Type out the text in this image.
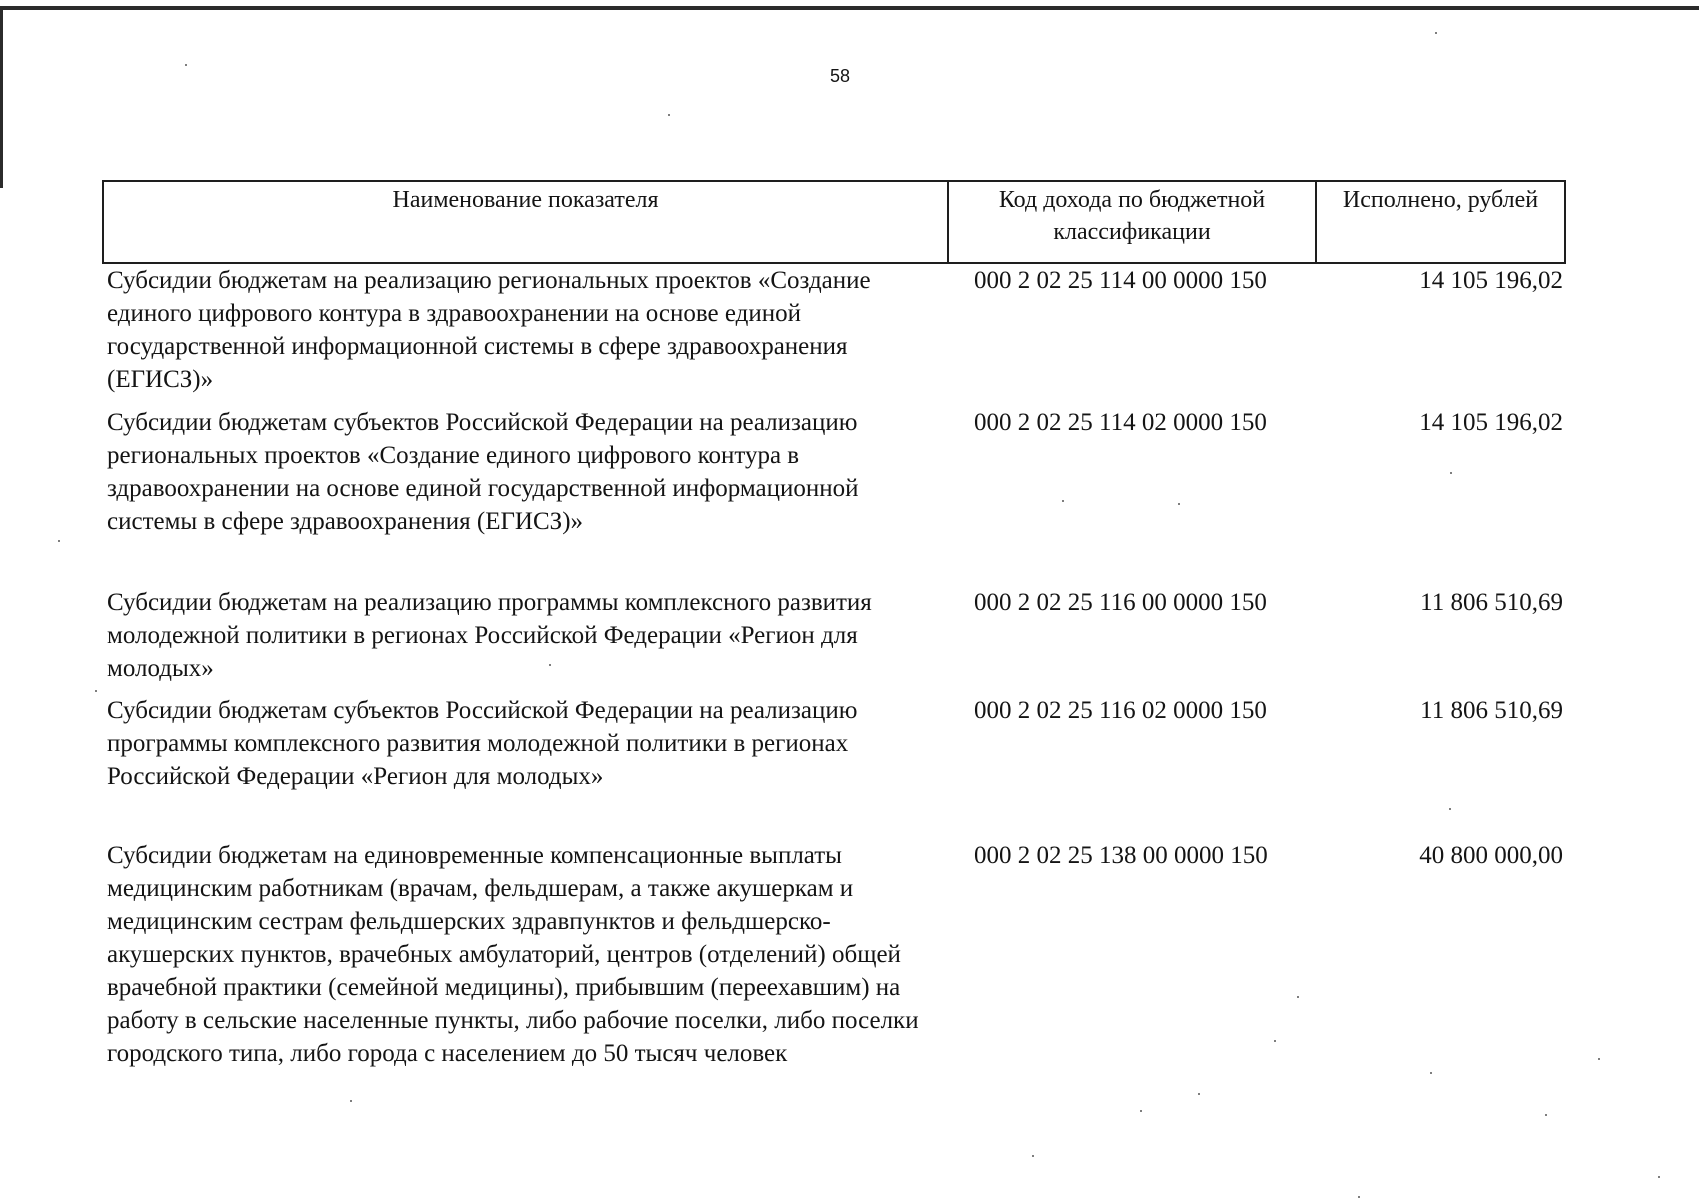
58
Наименование показателя	Код дохода по бюджетной классификации	Исполнено, рублей
Субсидии бюджетам на реализацию региональных проектов «Создание единого цифрового контура в здравоохранении на основе единой государственной информационной системы в сфере здравоохранения (ЕГИСЗ)»	000 2 02 25 114 00 0000 150	14 105 196,02
Субсидии бюджетам субъектов Российской Федерации на реализацию региональных проектов «Создание единого цифрового контура в здравоохранении на основе единой государственной информационной системы в сфере здравоохранения (ЕГИСЗ)»	000 2 02 25 114 02 0000 150	14 105 196,02
Субсидии бюджетам на реализацию программы комплексного развития молодежной политики в регионах Российской Федерации «Регион для молодых»	000 2 02 25 116 00 0000 150	11 806 510,69
Субсидии бюджетам субъектов Российской Федерации на реализацию программы комплексного развития молодежной политики в регионах Российской Федерации «Регион для молодых»	000 2 02 25 116 02 0000 150	11 806 510,69
Субсидии бюджетам на единовременные компенсационные выплаты медицинским работникам (врачам, фельдшерам, а также акушеркам и медицинским сестрам фельдшерских здравпунктов и фельдшерско-акушерских пунктов, врачебных амбулаторий, центров (отделений) общей врачебной практики (семейной медицины), прибывшим (переехавшим) на работу в сельские населенные пункты, либо рабочие поселки, либо поселки городского типа, либо города с населением до 50 тысяч человек	000 2 02 25 138 00 0000 150	40 800 000,00
